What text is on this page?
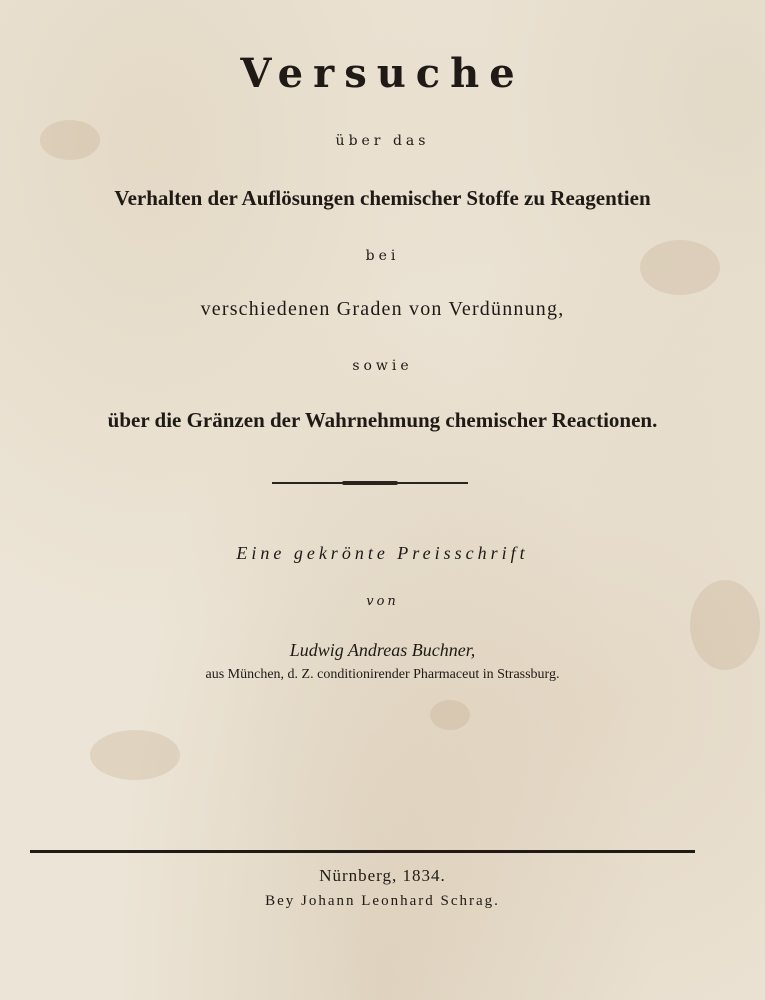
Versuche
über das
Verhalten der Auflösungen chemischer Stoffe zu Reagentien
bei
verschiedenen Graden von Verdünnung,
sowie
über die Gränzen der Wahrnehmung chemischer Reactionen.
Eine gekrönte Preisschrift
von
Ludwig Andreas Buchner,
aus München, d. Z. conditionirender Pharmaceut in Strassburg.
Nürnberg, 1834.
Bey Johann Leonhard Schrag.
